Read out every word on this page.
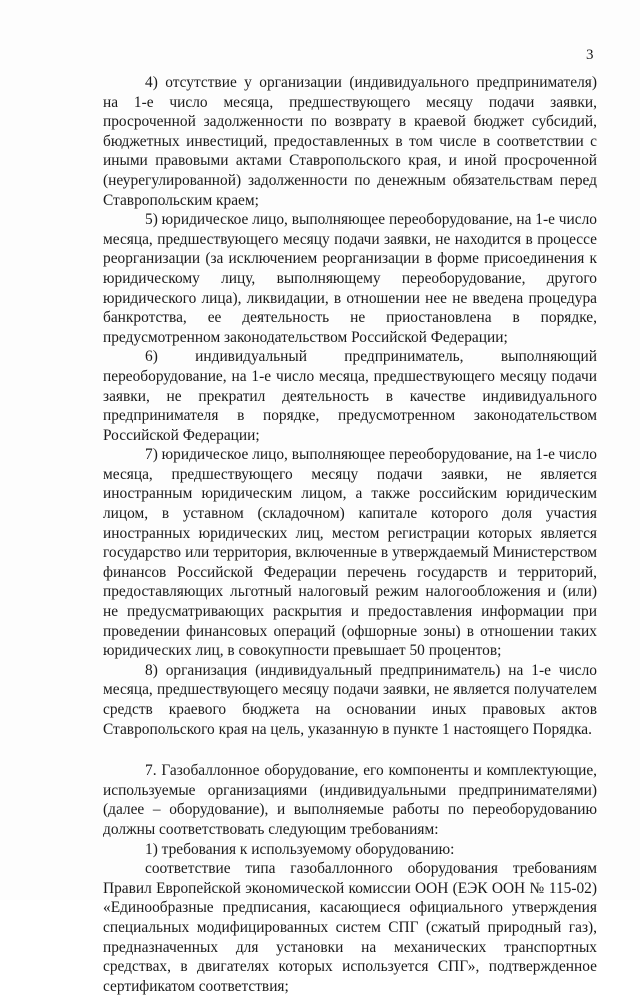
3

4) отсутствие у организации (индивидуального предпринимателя) на 1-е число месяца, предшествующего месяцу подачи заявки, просроченной задолженности по возврату в краевой бюджет субсидий, бюджетных инвестиций, предоставленных в том числе в соответствии с иными правовыми актами Ставропольского края, и иной просроченной (неурегулированной) задолженности по денежным обязательствам перед Ставропольским краем;

5) юридическое лицо, выполняющее переоборудование, на 1-е число месяца, предшествующего месяцу подачи заявки, не находится в процессе реорганизации (за исключением реорганизации в форме присоединения к юридическому лицу, выполняющему переоборудование, другого юридического лица), ликвидации, в отношении нее не введена процедура банкротства, ее деятельность не приостановлена в порядке, предусмотренном законодательством Российской Федерации;

6) индивидуальный предприниматель, выполняющий переоборудование, на 1-е число месяца, предшествующего месяцу подачи заявки, не прекратил деятельность в качестве индивидуального предпринимателя в порядке, предусмотренном законодательством Российской Федерации;

7) юридическое лицо, выполняющее переоборудование, на 1-е число месяца, предшествующего месяцу подачи заявки, не является иностранным юридическим лицом, а также российским юридическим лицом, в уставном (складочном) капитале которого доля участия иностранных юридических лиц, местом регистрации которых является государство или территория, включенные в утверждаемый Министерством финансов Российской Федерации перечень государств и территорий, предоставляющих льготный налоговый режим налогообложения и (или) не предусматривающих раскрытия и предоставления информации при проведении финансовых операций (офшорные зоны) в отношении таких юридических лиц, в совокупности превышает 50 процентов;

8) организация (индивидуальный предприниматель) на 1-е число месяца, предшествующего месяцу подачи заявки, не является получателем средств краевого бюджета на основании иных правовых актов Ставропольского края на цель, указанную в пункте 1 настоящего Порядка.

7. Газобаллонное оборудование, его компоненты и комплектующие, используемые организациями (индивидуальными предпринимателями) (далее – оборудование), и выполняемые работы по переоборудованию должны соответствовать следующим требованиям:

1) требования к используемому оборудованию:

соответствие типа газобаллонного оборудования требованиям Правил Европейской экономической комиссии ООН (ЕЭК ООН № 115-02) «Единообразные предписания, касающиеся официального утверждения специальных модифицированных систем СПГ (сжатый природный газ), предназначенных для установки на механических транспортных средствах, в двигателях которых используется СПГ», подтвержденное сертификатом соответствия;
